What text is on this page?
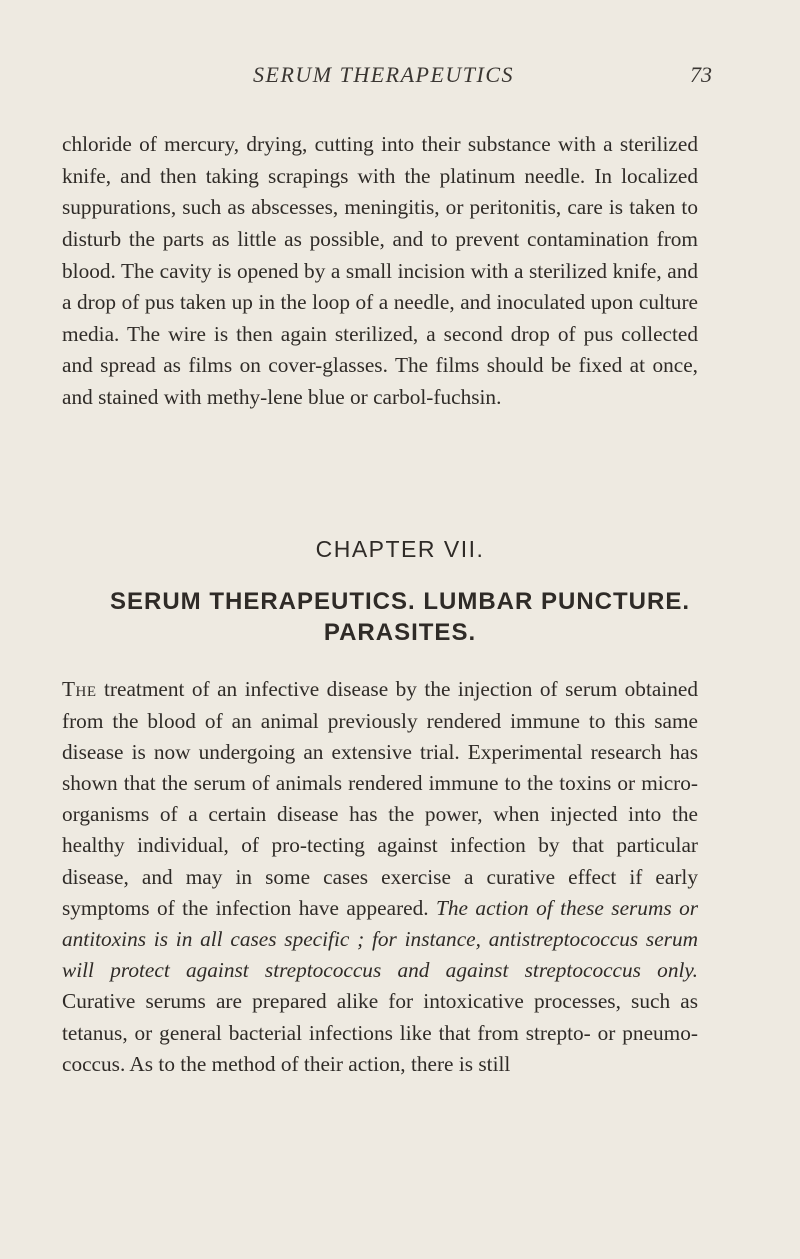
SERUM THERAPEUTICS	73

chloride of mercury, drying, cutting into their substance with a sterilized knife, and then taking scrapings with the platinum needle. In localized suppurations, such as abscesses, meningitis, or peritonitis, care is taken to disturb the parts as little as possible, and to prevent contamination from blood. The cavity is opened by a small incision with a sterilized knife, and a drop of pus taken up in the loop of a needle, and inoculated upon culture media. The wire is then again sterilized, a second drop of pus collected and spread as films on cover-glasses. The films should be fixed at once, and stained with methy-lene blue or carbol-fuchsin.

CHAPTER VII.
SERUM THERAPEUTICS. LUMBAR PUNCTURE. PARASITES.

The treatment of an infective disease by the injection of serum obtained from the blood of an animal previously rendered immune to this same disease is now undergoing an extensive trial. Experimental research has shown that the serum of animals rendered immune to the toxins or micro-organisms of a certain disease has the power, when injected into the healthy individual, of pro-tecting against infection by that particular disease, and may in some cases exercise a curative effect if early symptoms of the infection have appeared. The action of these serums or antitoxins is in all cases specific ; for instance, antistreptococcus serum will protect against streptococcus and against streptococcus only. Curative serums are prepared alike for intoxicative processes, such as tetanus, or general bacterial infections like that from strepto- or pneumo-coccus. As to the method of their action, there is still
